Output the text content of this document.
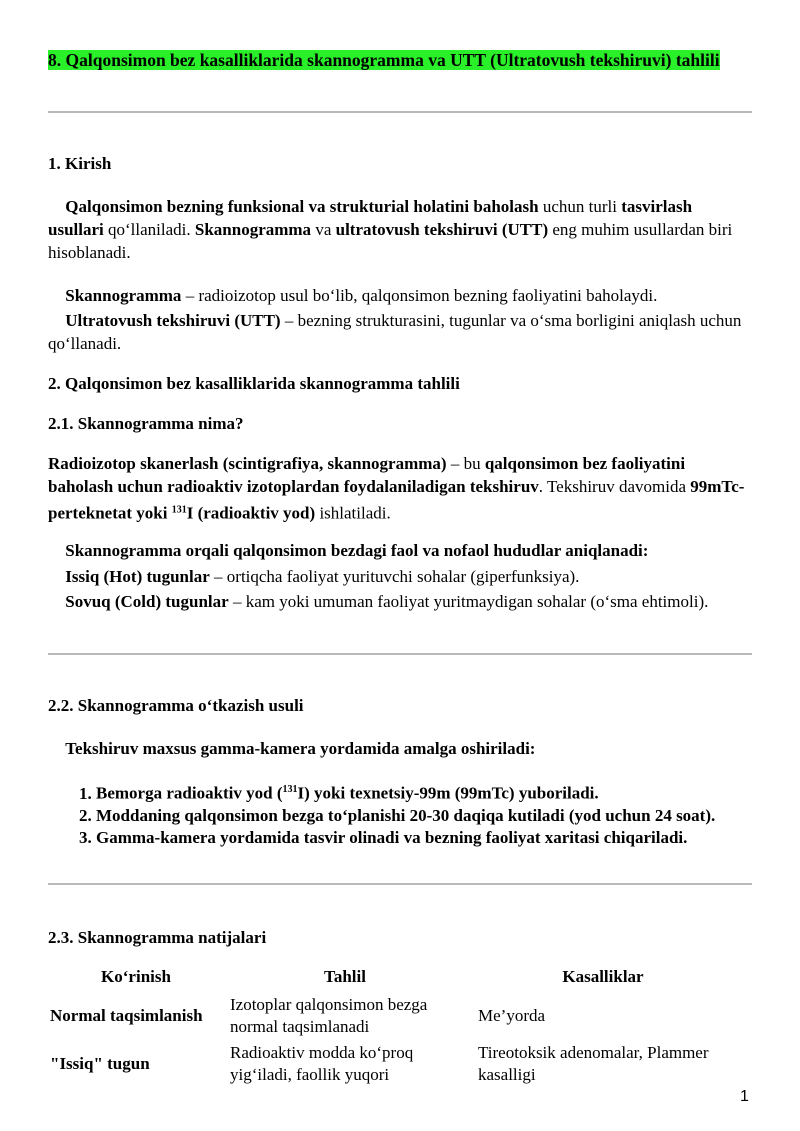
8. Qalqonsimon bez kasalliklarida skannogramma va UTT (Ultratovush tekshiruvi) tahlili
1. Kirish
Qalqonsimon bezning funksional va strukturial holatini baholash uchun turli tasvirlash usullari qo‘llaniladi. Skannogramma va ultratovush tekshiruvi (UTT) eng muhim usullardan biri hisoblanadi.
Skannogramma – radioizotop usul bo‘lib, qalqonsimon bezning faoliyatini baholaydi.
Ultratovush tekshiruvi (UTT) – bezning strukturasini, tugunlar va o‘sma borligini aniqlash uchun qo‘llanadi.
2. Qalqonsimon bez kasalliklarida skannogramma tahlili
2.1. Skannogramma nima?
Radioizotop skanerlash (scintigrafiya, skannogramma) – bu qalqonsimon bez faoliyatini baholash uchun radioaktiv izotoplardan foydalaniladigan tekshiruv. Tekshiruv davomida 99mTc-perteknetat yoki $^{131}$I (radioaktiv yod) ishlatiladi.
Skannogramma orqali qalqonsimon bezdagi faol va nofaol hududlar aniqlanadi:
Issiq (Hot) tugunlar – ortiqcha faoliyat yurituvchi sohalar (giperfunksiya).
Sovuq (Cold) tugunlar – kam yoki umuman faoliyat yuritmaydigan sohalar (o‘sma ehtimoli).
2.2. Skannogramma o‘tkazish usuli
Tekshiruv maxsus gamma-kamera yordamida amalga oshiriladi:
1. Bemorga radioaktiv yod ($^{131}$I) yoki texnetsiy-99m (99mTc) yuboriladi.
2. Moddaning qalqonsimon bezga to‘planishi 20-30 daqiqa kutiladi (yod uchun 24 soat).
3. Gamma-kamera yordamida tasvir olinadi va bezning faoliyat xaritasi chiqariladi.
2.3. Skannogramma natijalari
Ko‘rinish	Tahlil	Kasalliklar
Normal taqsimlanish	Izotoplar qalqonsimon bezga normal taqsimlanadi	Me’yorda
"Issiq" tugun	Radioaktiv modda ko‘proq yig‘iladi, faollik yuqori	Tireotoksik adenomalar, Plammer kasalligi
1
